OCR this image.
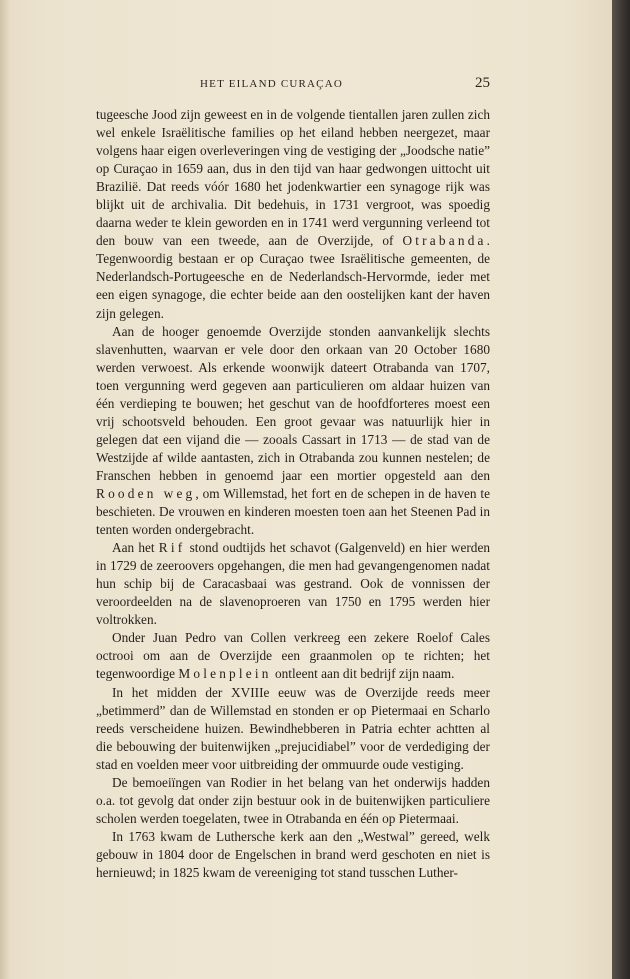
HET EILAND CURAÇAO	25

tugeesche Jood zijn geweest en in de volgende tientallen jaren zullen zich wel enkele Israëlitische families op het eiland hebben neergezet, maar volgens haar eigen overleveringen ving de vestiging der „Joodsche natie” op Curaçao in 1659 aan, dus in den tijd van haar gedwongen uittocht uit Brazilië. Dat reeds vóór 1680 het jodenkwartier een synagoge rijk was blijkt uit de archivalia. Dit bedehuis, in 1731 vergroot, was spoedig daarna weder te klein geworden en in 1741 werd vergunning verleend tot den bouw van een tweede, aan de Overzijde, of Otrabanda. Tegenwoordig bestaan er op Curaçao twee Israëlitische gemeenten, de Nederlandsch-Portugeesche en de Nederlandsch-Hervormde, ieder met een eigen synagoge, die echter beide aan den oostelijken kant der haven zijn gelegen.

Aan de hooger genoemde Overzijde stonden aanvankelijk slechts slavenhutten, waarvan er vele door den orkaan van 20 October 1680 werden verwoest. Als erkende woonwijk dateert Otrabanda van 1707, toen vergunning werd gegeven aan particulieren om aldaar huizen van één verdieping te bouwen; het geschut van de hoofdforteres moest een vrij schootsveld behouden. Een groot gevaar was natuurlijk hier in gelegen dat een vijand die — zooals Cassart in 1713 — de stad van de Westzijde af wilde aantasten, zich in Otrabanda zou kunnen nestelen; de Franschen hebben in genoemd jaar een mortier opgesteld aan den Rooden weg, om Willemstad, het fort en de schepen in de haven te beschieten. De vrouwen en kinderen moesten toen aan het Steenen Pad in tenten worden ondergebracht.

Aan het Rif stond oudtijds het schavot (Galgenveld) en hier werden in 1729 de zeeroovers opgehangen, die men had gevangengenomen nadat hun schip bij de Caracasbaai was gestrand. Ook de vonnissen der veroordeelden na de slavenoproeren van 1750 en 1795 werden hier voltrokken.

Onder Juan Pedro van Collen verkreeg een zekere Roelof Cales octrooi om aan de Overzijde een graanmolen op te richten; het tegenwoordige Molenplein ontleent aan dit bedrijf zijn naam.

In het midden der XVIIIe eeuw was de Overzijde reeds meer „betimmerd” dan de Willemstad en stonden er op Pietermaai en Scharlo reeds verscheidene huizen. Bewindhebberen in Patria echter achtten al die bebouwing der buitenwijken „prejucidiabel” voor de verdediging der stad en voelden meer voor uitbreiding der ommuurde oude vestiging.

De bemoeiïngen van Rodier in het belang van het onderwijs hadden o.a. tot gevolg dat onder zijn bestuur ook in de buitenwijken particuliere scholen werden toegelaten, twee in Otrabanda en één op Pietermaai.

In 1763 kwam de Luthersche kerk aan den „Westwal” gereed, welk gebouw in 1804 door de Engelschen in brand werd geschoten en niet is hernieuwd; in 1825 kwam de vereeniging tot stand tusschen Luther-
